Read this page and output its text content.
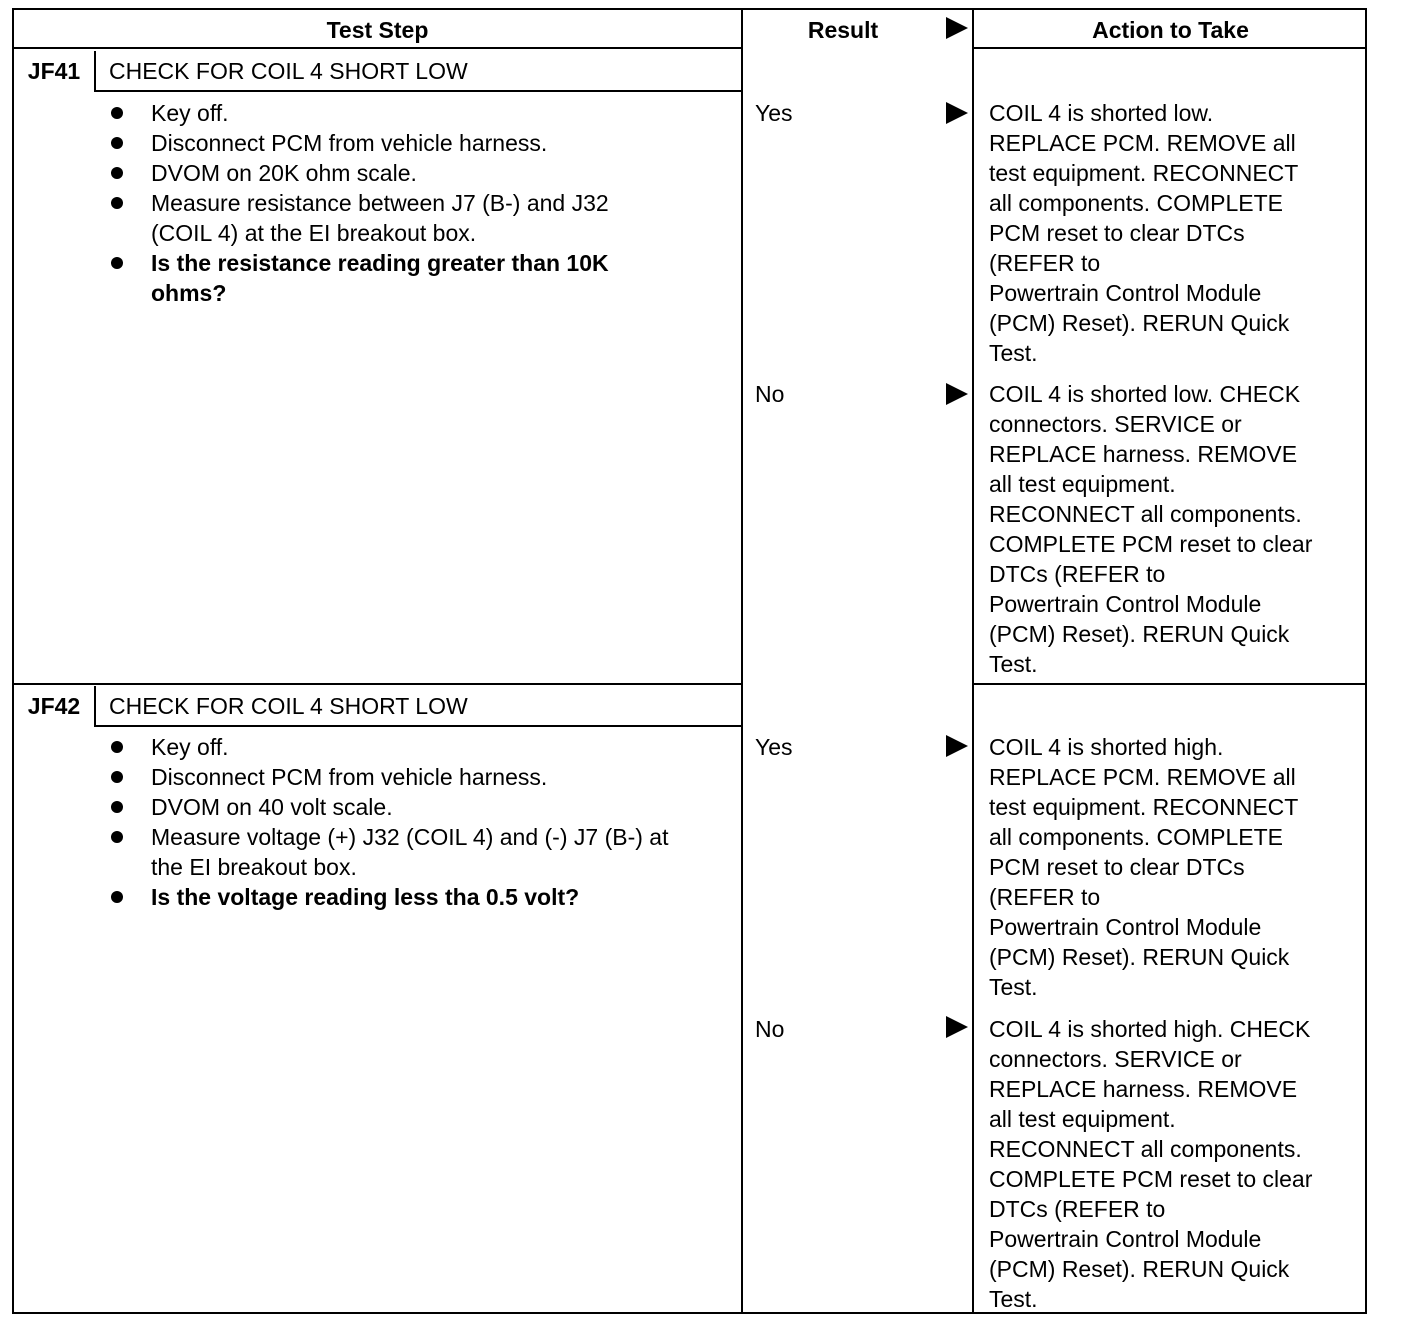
Test Step	Result	Action to Take
JF41	CHECK FOR COIL 4 SHORT LOW
Key off.
Disconnect PCM from vehicle harness.
DVOM on 20K ohm scale.
Measure resistance between J7 (B-) and J32 (COIL 4) at the EI breakout box.
Is the resistance reading greater than 10K ohms?
Yes	COIL 4 is shorted low.
REPLACE PCM. REMOVE all
test equipment. RECONNECT
all components. COMPLETE
PCM reset to clear DTCs
(REFER to
Powertrain Control Module
(PCM) Reset). RERUN Quick
Test.
No	COIL 4 is shorted low. CHECK
connectors. SERVICE or
REPLACE harness. REMOVE
all test equipment.
RECONNECT all components.
COMPLETE PCM reset to clear
DTCs (REFER to
Powertrain Control Module
(PCM) Reset). RERUN Quick
Test.
JF42	CHECK FOR COIL 4 SHORT LOW
Key off.
Disconnect PCM from vehicle harness.
DVOM on 40 volt scale.
Measure voltage (+) J32 (COIL 4) and (-) J7 (B-) at the EI breakout box.
Is the voltage reading less tha 0.5 volt?
Yes	COIL 4 is shorted high.
REPLACE PCM. REMOVE all
test equipment. RECONNECT
all components. COMPLETE
PCM reset to clear DTCs
(REFER to
Powertrain Control Module
(PCM) Reset). RERUN Quick
Test.
No	COIL 4 is shorted high. CHECK
connectors. SERVICE or
REPLACE harness. REMOVE
all test equipment.
RECONNECT all components.
COMPLETE PCM reset to clear
DTCs (REFER to
Powertrain Control Module
(PCM) Reset). RERUN Quick
Test.
